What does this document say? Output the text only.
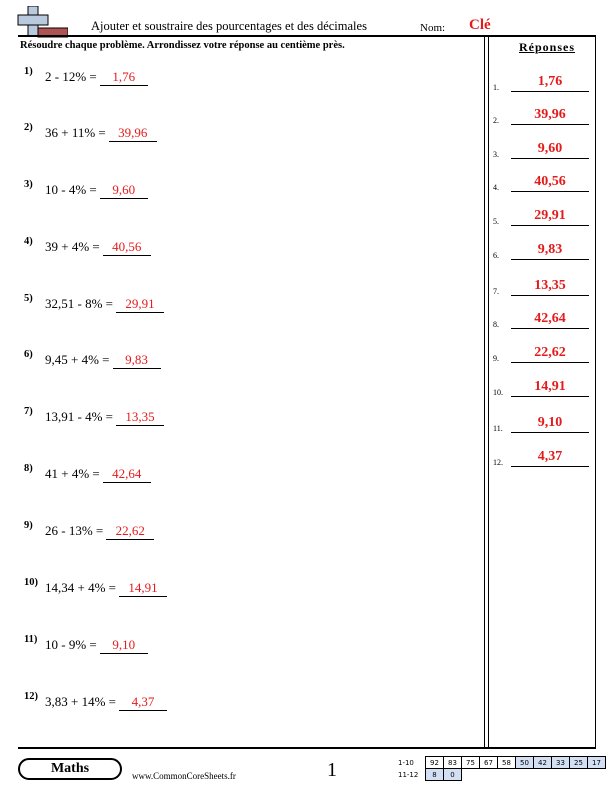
Ajouter et soustraire des pourcentages et des décimales	Nom: Clé
Résoudre chaque problème. Arrondissez votre réponse au centième près.	Réponses
1) 2 - 12% = 1,76
2) 36 + 11% = 39,96
3) 10 - 4% = 9,60
4) 39 + 4% = 40,56
5) 32,51 - 8% = 29,91
6) 9,45 + 4% = 9,83
7) 13,91 - 4% = 13,35
8) 41 + 4% = 42,64
9) 26 - 13% = 22,62
10) 14,34 + 4% = 14,91
11) 10 - 9% = 9,10
12) 3,83 + 14% = 4,37
1.	1,76
2.	39,96
3.	9,60
4.	40,56
5.	29,91
6.	9,83
7.	13,35
8.	42,64
9.	22,62
10.	14,91
11.	9,10
12.	4,37
Maths	www.CommonCoreSheets.fr	1	1-10	92	83	75	67	58	50	42	33	25	17
11-12	8	0								
